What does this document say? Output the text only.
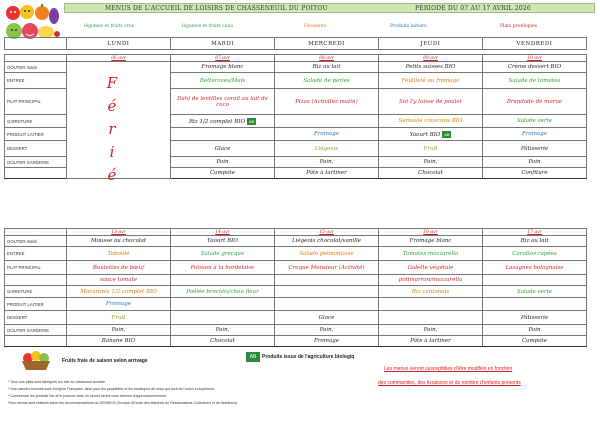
MENUS DE L'ACCUEIL DE LOISIRS DE CHASSENEUIL DU POITOU	PÉRIODE DU 07 AU 17 AVRIL 2026
légumes et fruits crus	légumes et fruits cuits	Féculents	Produits laitiers	Plats protéiques
	LUNDI	MARDI	MERCREDI	JEUDI	VENDREDI

	06-avr	07-avr	08-avr	09-avr	10-avr
GOUTER matin		Fromage blanc	Riz au lait	Petits suisses BIO	Crème dessert BIO
ENTREE		Betteraves/Maïs	Salade de perles	Feuilleté au fromage	Salade de tomates
PLAT PRINCIPAL		Dahl de lentilles corail au lait de coco	Pizza (Activités matin)	Sot l'y laisse de poulet	Brandade de morue
GARNITURE		Riz 1/2 complet BIO AB		Semoule couscous BIO	Salade verte
PRODUIT LAITIER			Fromage	Yaourt BIO AB	Fromage
DESSERT		Glace	Liégeois	Fruit	Pâtisserie
GOUTER GARDERIE		Pain	Pain,	Pain,	Pain
		Compote	Pâte à tartiner	Chocolat	Confiture

	13-avr	14-avr	15-avr	16-avr	17-avr
GOUTER matin	Mousse au chocolat	Yaourt BIO	Liégeois chocolat/vanille	Fromage blanc	Riz au lait
ENTREE	Taboulé	Salade grecque	Salade piémontaise	Tomates mozzarella	Carottes rapées
PLAT PRINCIPAL	Boulettes de bœuf	Poisson à la bordelaise	Croque Monsieur (Activité)	Galette végétale	Lasagnes bolognaise
	sauce tomate			potimarron/mozzarella	
GARNITURE	Macaronis 1/2 complet BIO	Poêlée brocolis/chou fleur		Riz cantonais	Salade verte
PRODUIT LAITIER	Fromage				
DESSERT	Fruit		Glace		Pâtisserie
GOUTER GARDERIE	Pain,	Pain,	Pain,	Pain,	Pain
	Banane BIO	Chocolat	Fromage	Pâte à tartiner	Compote
F
é
r
i
é
Fruits frais de saison selon arrivage
AB	Produits issus de l'agriculture biologiq
Les menus seront susceptibles d'être modifiés en fonction
des commandes, des livraisons et du nombre d'enfants présents
* Tous nos plats sont fabriqués sur site au restaurant scolaire.
* Nos viandes bovines sont d'origine Française, ainsi pour les paupiettes et les escalopes de veau qui sont de l'union européenne.
* Concernant les produits Bio et le poisson frais, ils seront servis sous réserve d'approvisionnement.
*Nos menus sont réalisés selon les recommandations du GEMRCN (Groupe d'Etude des Marchés de Restaurations Collectives et de Nutritions)
